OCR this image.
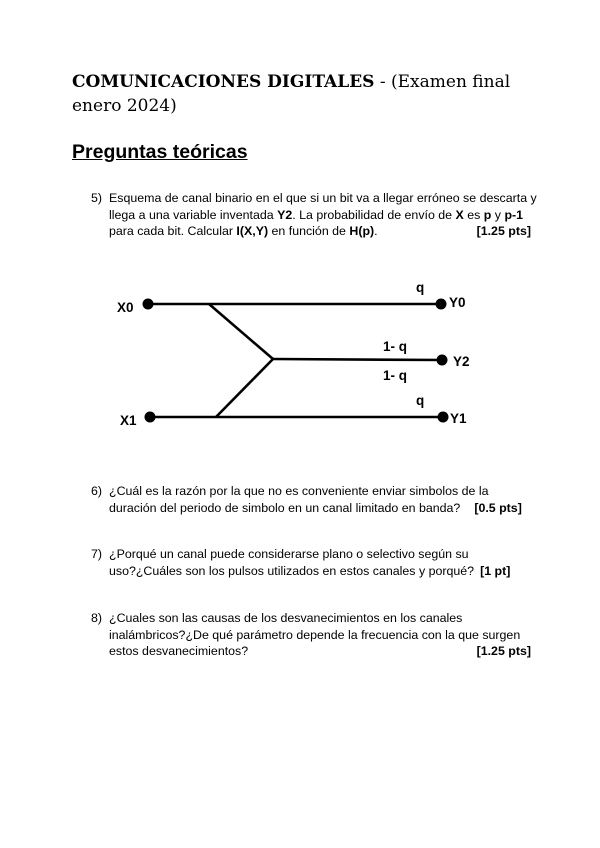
COMUNICACIONES DIGITALES - (Examen final enero 2024)
Preguntas teóricas
5) Esquema de canal binario en el que si un bit va a llegar erróneo se descarta y
llega a una variable inventada Y2. La probabilidad de envío de X es p y p-1
para cada bit. Calcular I(X,Y) en función de H(p).	[1.25 pts]
X0
X1
Y0
Y2
Y1
q
1- q
1- q
q
6) ¿Cuál es la razón por la que no es conveniente enviar simbolos de la
duración del periodo de simbolo en un canal limitado en banda? [0.5 pts]
7) ¿Porqué un canal puede considerarse plano o selectivo según su
uso?¿Cuáles son los pulsos utilizados en estos canales y porqué? [1 pt]
8) ¿Cuales son las causas de los desvanecimientos en los canales
inalámbricos?¿De qué parámetro depende la frecuencia con la que surgen
estos desvanecimientos?	[1.25 pts]
